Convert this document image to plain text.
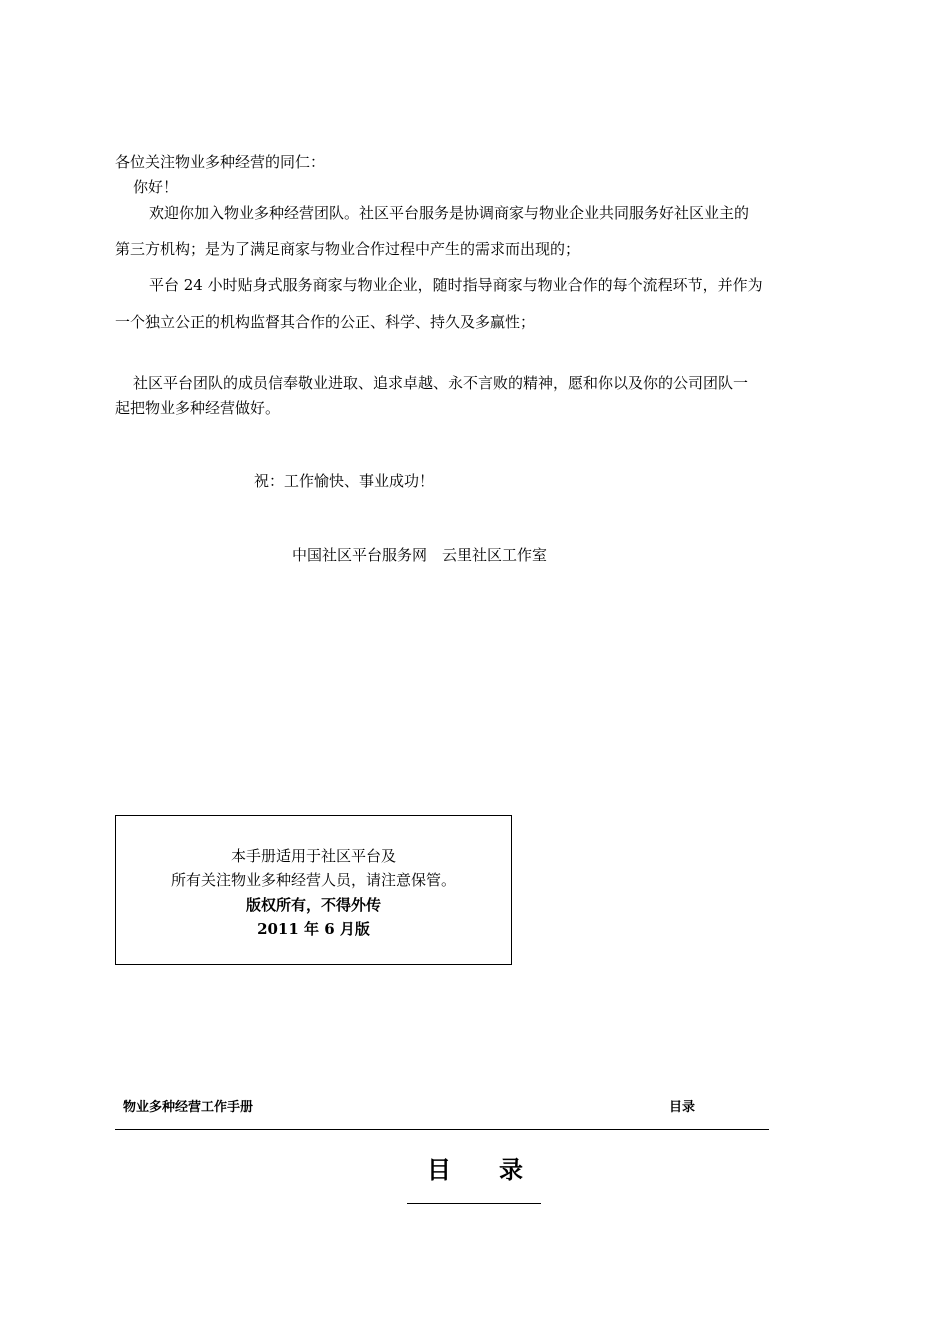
各位关注物业多种经营的同仁：
你好！
欢迎你加入物业多种经营团队。社区平台服务是协调商家与物业企业共同服务好社区业主的
第三方机构；是为了满足商家与物业合作过程中产生的需求而出现的；
平台 24 小时贴身式服务商家与物业企业，随时指导商家与物业合作的每个流程环节，并作为
一个独立公正的机构监督其合作的公正、科学、持久及多赢性；
社区平台团队的成员信奉敬业进取、追求卓越、永不言败的精神，愿和你以及你的公司团队一
起把物业多种经营做好。
祝：工作愉快、事业成功！
中国社区平台服务网　云里社区工作室
本手册适用于社区平台及
所有关注物业多种经营人员，请注意保管。
版权所有，不得外传
2011 年 6 月版
物业多种经营工作手册	目录
目　　录
